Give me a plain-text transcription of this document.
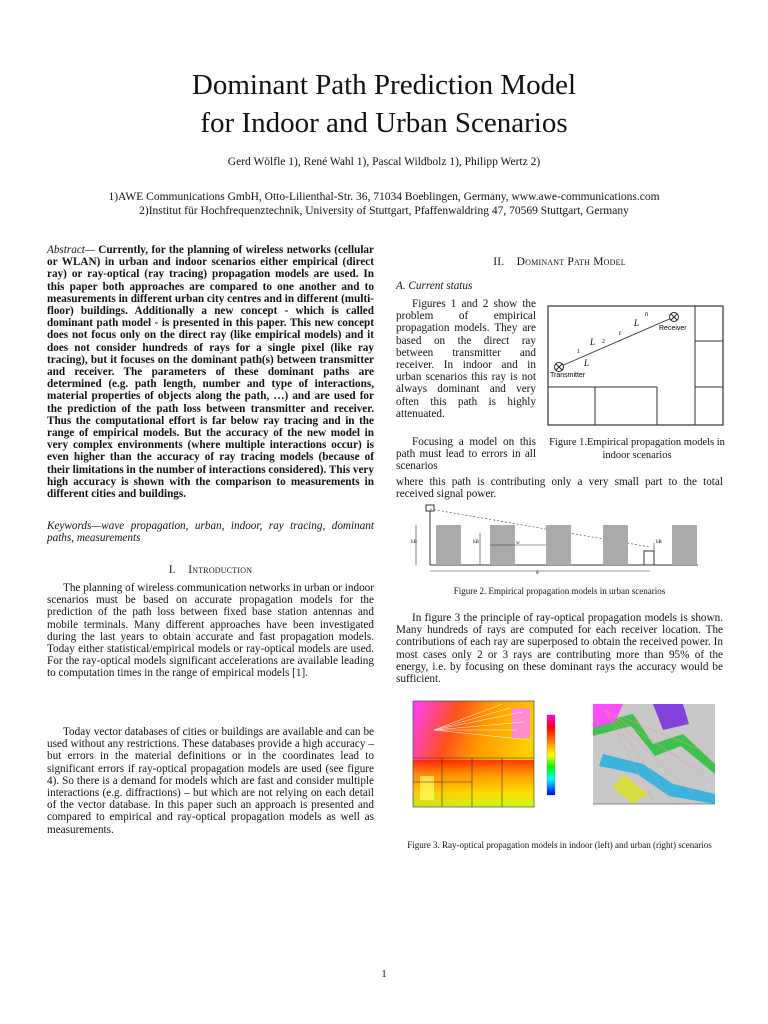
Dominant Path Prediction Model
for Indoor and Urban Scenarios
Gerd Wölfle 1), René Wahl 1), Pascal Wildbolz 1), Philipp Wertz 2)
1)AWE Communications GmbH, Otto-Lilienthal-Str. 36, 71034 Boeblingen, Germany, www.awe-communications.com
2)Institut für Hochfrequenztechnik, University of Stuttgart, Pfaffenwaldring 47, 70569 Stuttgart, Germany
Abstract— Currently, for the planning of wireless networks (cellular or WLAN) in urban and indoor scenarios either empirical (direct ray) or ray-optical (ray tracing) propagation models are used. In this paper both approaches are compared to one another and to measurements in different urban city centres and in different (multi-floor) buildings. Additionally a new concept - which is called dominant path model - is presented in this paper. This new concept does not focus only on the direct ray (like empirical models) and it does not consider hundreds of rays for a single pixel (like ray tracing), but it focuses on the dominant path(s) between transmitter and receiver. The parameters of these dominant paths are determined (e.g. path length, number and type of interactions, material properties of objects along the path, …) and are used for the prediction of the path loss between transmitter and receiver. Thus the computational effort is far below ray tracing and in the range of empirical models. But the accuracy of the new model in very complex environments (where multiple interactions occur) is even higher than the accuracy of ray tracing models (because of their limitations in the number of interactions considered). This very high accuracy is shown with the comparison to measurements in different cities and buildings.
Keywords—wave propagation, urban, indoor, ray tracing, dominant paths, measurements
I. Introduction
The planning of wireless communication networks in urban or indoor scenarios must be based on accurate propagation models for the prediction of the path loss between fixed base station antennas and mobile terminals. Many different approaches have been investigated during the last years to obtain accurate and fast propagation models. Today either statistical/empirical models or ray-optical models are used. For the ray-optical models significant accelerations are available leading to computation times in the range of empirical models [1].
Today vector databases of cities or buildings are available and can be used without any restrictions. These databases provide a high accuracy – but errors in the material definitions or in the coordinates lead to significant errors if ray-optical propagation models are used (see figure 4). So there is a demand for models which are fast and consider multiple interactions (e.g. diffractions) – but which are not relying on each detail of the vector database. In this paper such an approach is presented and compared to empirical and ray-optical propagation models as well as measurements.
II. Dominant Path Model
A. Current status
Figures 1 and 2 show the problem of empirical propagation models. They are based on the direct ray between transmitter and receiver. In indoor and in urban scenarios this ray is not always dominant and very often this path is highly attenuated.
Focusing a model on this path must lead to errors in all scenarios
where this path is contributing only a very small part to the total received signal power.
L
L
r
2
1
L
n
Receiver
Transmitter
Figure 1.Empirical propagation models in indoor scenarios
hB	hB	w
d
hR
Figure 2. Empirical propagation models in urban scenarios
In figure 3 the principle of ray-optical propagation models is shown. Many hundreds of rays are computed for each receiver location. The contributions of each ray are superposed to obtain the received power. In most cases only 2 or 3 rays are contributing more than 95% of the energy, i.e. by focusing on these dominant rays the accuracy would be sufficient.
Figure 3. Ray-optical propagation models in indoor (left) and urban (right) scenarios
1
